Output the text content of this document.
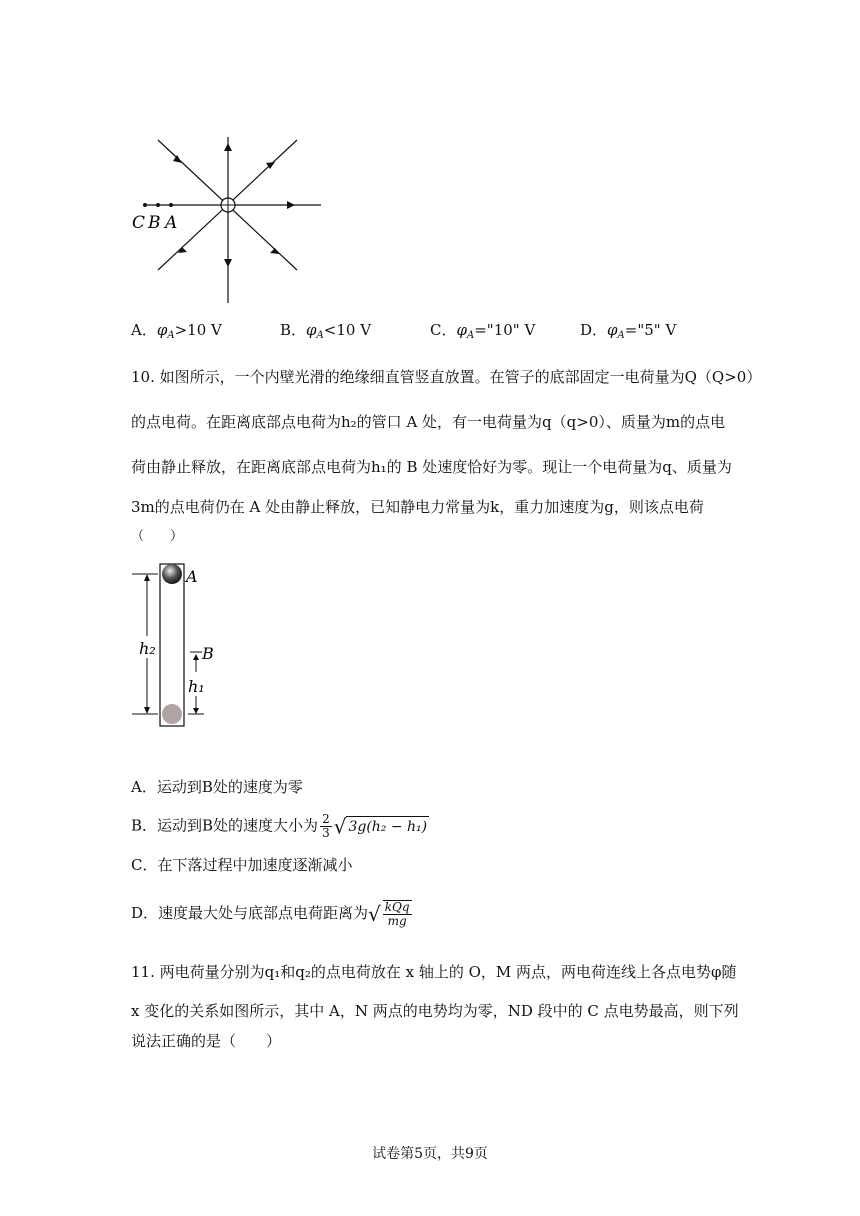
C B A
A．$\varphi_A>10$ V	B．$\varphi_A<10$ V	C．$\varphi_A="10$" V	D．$\varphi_A="5$" V
10. 如图所示，一个内壁光滑的绝缘细直管竖直放置。在管子的底部固定一电荷量为Q（Q>0）
的点电荷。在距离底部点电荷为h₂的管口 A 处，有一电荷量为q（q>0）、质量为m的点电
荷由静止释放，在距离底部点电荷为h₁的 B 处速度恰好为零。现让一个电荷量为q、质量为
3m的点电荷仍在 A 处由静止释放，已知静电力常量为k，重力加速度为g，则该点电荷
（　　）
h₂
h₁
A
B
A．运动到B处的速度为零
B．运动到B处的速度大小为 $\frac{2}{3}$ √ 3g(h₂ − h₁)
C．在下落过程中加速度逐渐减小
D．速度最大处与底部点电荷距离为√ $\frac{\text{kQq}}{mg}$
11. 两电荷量分别为q₁和q₂的点电荷放在 x 轴上的 O，M 两点，两电荷连线上各点电势φ随
x 变化的关系如图所示，其中 A，N 两点的电势均为零，ND 段中的 C 点电势最高，则下列
说法正确的是（　　）
试卷第5页，共9页
